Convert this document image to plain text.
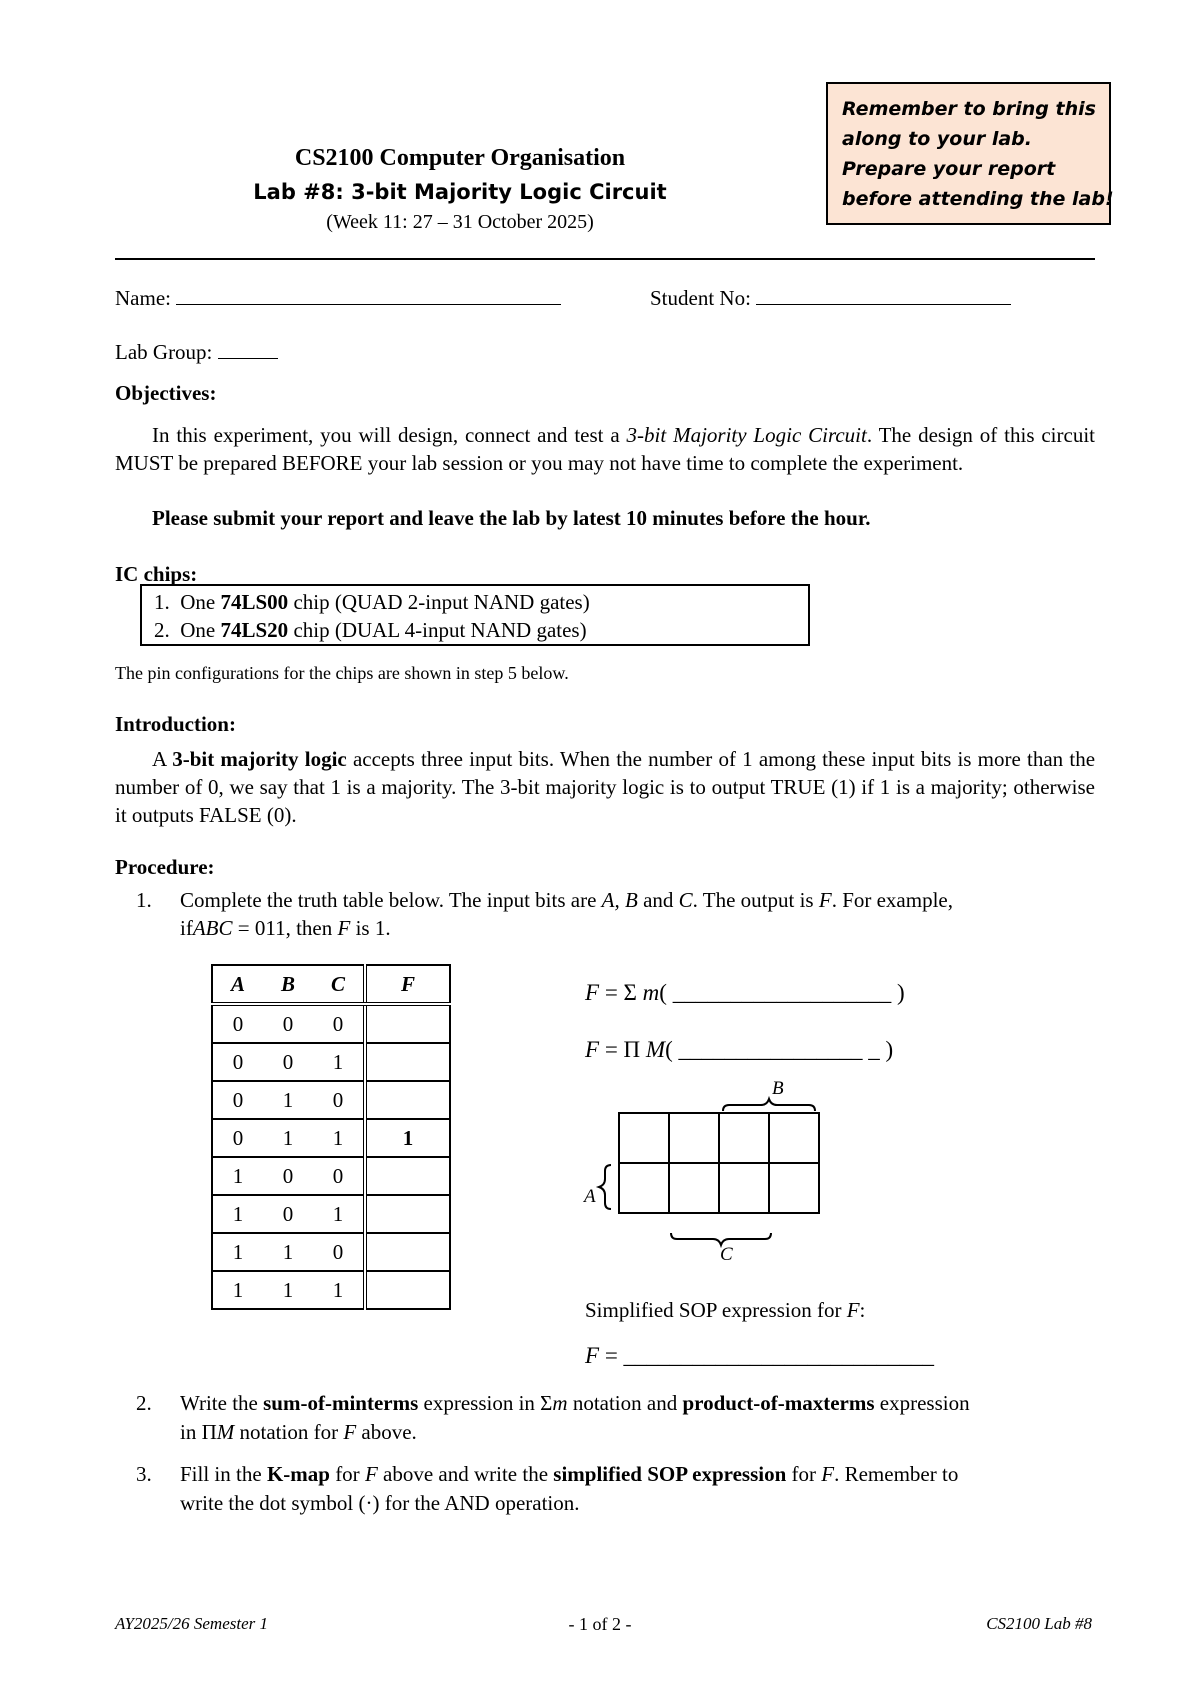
Remember to bring this
along to your lab.
Prepare your report
before attending the lab!
CS2100 Computer Organisation
Lab #8: 3-bit Majority Logic Circuit
(Week 11: 27 – 31 October 2025)

Name:	Student No:

Lab Group:

Objectives:

In this experiment, you will design, connect and test a 3-bit Majority Logic Circuit. The design of this circuit MUST be prepared BEFORE your lab session or you may not have time to complete the experiment.

Please submit your report and leave the lab by latest 10 minutes before the hour.

IC chips:

1. One 74LS00 chip (QUAD 2-input NAND gates)
2. One 74LS20 chip (DUAL 4-input NAND gates)

The pin configurations for the chips are shown in step 5 below.

Introduction:

A 3-bit majority logic accepts three input bits. When the number of 1 among these input bits is more than the number of 0, we say that 1 is a majority. The 3-bit majority logic is to output TRUE (1) if 1 is a majority; otherwise it outputs FALSE (0).

Procedure:

1. Complete the truth table below. The input bits are A, B and C. The output is F. For example,

ifABC = 011, then F is 1.

A	B	C	F
0	0	0	
0	0	1	
0	1	0	
0	1	1	1
1	0	0	
1	0	1	
1	1	0	
1	1	1	

F = Σ m( ___________________ )

F = Π M( ________________ _ )

B
A
C

Simplified SOP expression for F:

F = ___________________________

2. Write the sum-of-minterms expression in Σm notation and product-of-maxterms expression

in ΠM notation for F above.

3. Fill in the K-map for F above and write the simplified SOP expression for F. Remember to

write the dot symbol (·) for the AND operation.

AY2025/26 Semester 1	- 1 of 2 -	CS2100 Lab #8
